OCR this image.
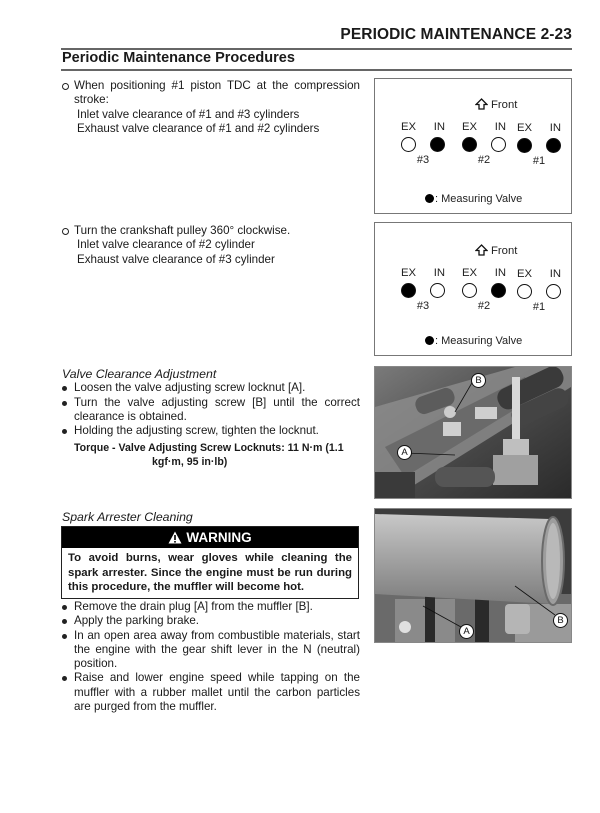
PERIODIC MAINTENANCE 2-23
Periodic Maintenance Procedures
When positioning #1 piston TDC at the compression stroke:
Inlet valve clearance of #1 and #3 cylinders
Exhaust valve clearance of #1 and #2 cylinders
Turn the crankshaft pulley 360° clockwise.
Inlet valve clearance of #2 cylinder
Exhaust valve clearance of #3 cylinder
Front
EX IN
#3
EX IN
#2
EX IN
#1
: Measuring Valve
Front
EX IN
#3
EX IN
#2
EX IN
#1
: Measuring Valve
Valve Clearance Adjustment
Loosen the valve adjusting screw locknut [A].
Turn the valve adjusting screw [B] until the correct clearance is obtained.
Holding the adjusting screw, tighten the locknut.
Torque - Valve Adjusting Screw Locknuts: 11 N·m (1.1
kgf·m, 95 in·lb)
B
A
Spark Arrester Cleaning
WARNING
To avoid burns, wear gloves while cleaning the spark arrester. Since the engine must be run during this procedure, the muffler will become hot.
Remove the drain plug [A] from the muffler [B].
Apply the parking brake.
In an open area away from combustible materials, start the engine with the gear shift lever in the N (neutral) position.
Raise and lower engine speed while tapping on the muffler with a rubber mallet until the carbon particles are purged from the muffler.
A
B
